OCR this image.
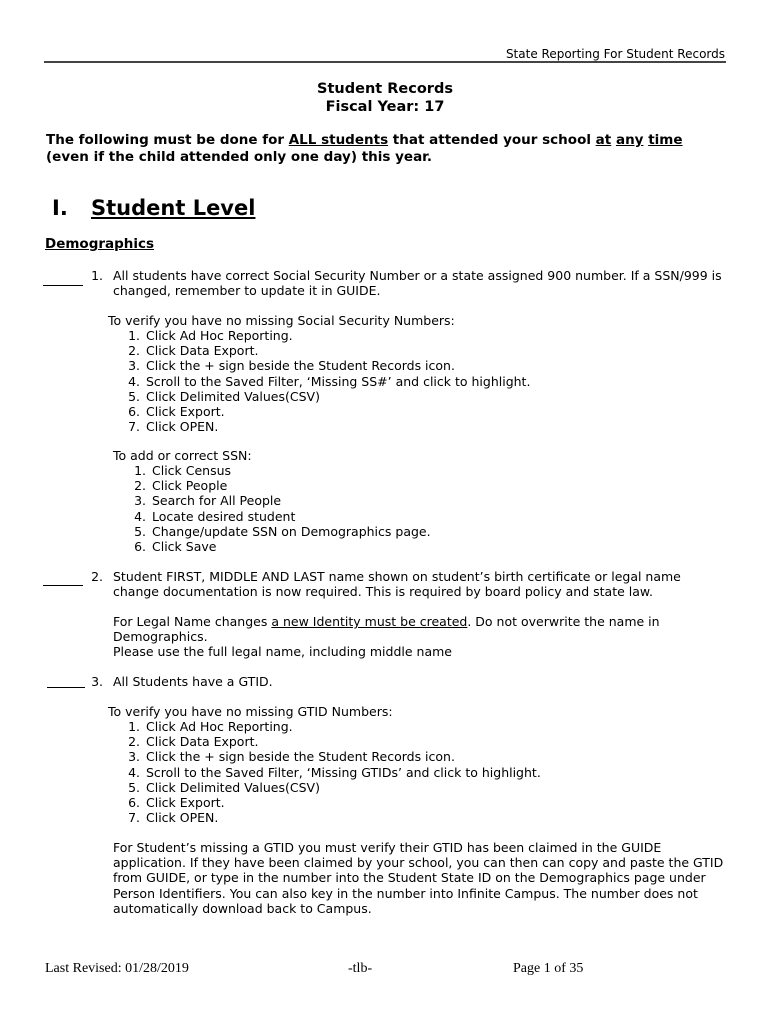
State Reporting For Student Records
Student Records
Fiscal Year: 17
The following must be done for ALL students that attended your school at any time
(even if the child attended only one day) this year.
I. Student Level
Demographics
1. All students have correct Social Security Number or a state assigned 900 number. If a SSN/999 is changed, remember to update it in GUIDE.
To verify you have no missing Social Security Numbers:
1. Click Ad Hoc Reporting.
2. Click Data Export.
3. Click the + sign beside the Student Records icon.
4. Scroll to the Saved Filter, ‘Missing SS#’ and click to highlight.
5. Click Delimited Values(CSV)
6. Click Export.
7. Click OPEN.
To add or correct SSN:
1. Click Census
2. Click People
3. Search for All People
4. Locate desired student
5. Change/update SSN on Demographics page.
6. Click Save
2. Student FIRST, MIDDLE AND LAST name shown on student’s birth certificate or legal name change documentation is now required. This is required by board policy and state law.
For Legal Name changes a new Identity must be created. Do not overwrite the name in Demographics.
Please use the full legal name, including middle name
3. All Students have a GTID.
To verify you have no missing GTID Numbers:
1. Click Ad Hoc Reporting.
2. Click Data Export.
3. Click the + sign beside the Student Records icon.
4. Scroll to the Saved Filter, ‘Missing GTIDs’ and click to highlight.
5. Click Delimited Values(CSV)
6. Click Export.
7. Click OPEN.
For Student’s missing a GTID you must verify their GTID has been claimed in the GUIDE application. If they have been claimed by your school, you can then can copy and paste the GTID from GUIDE, or type in the number into the Student State ID on the Demographics page under Person Identifiers. You can also key in the number into Infinite Campus. The number does not automatically download back to Campus.
Last Revised: 01/28/2019	-tlb-	Page 1 of 35
